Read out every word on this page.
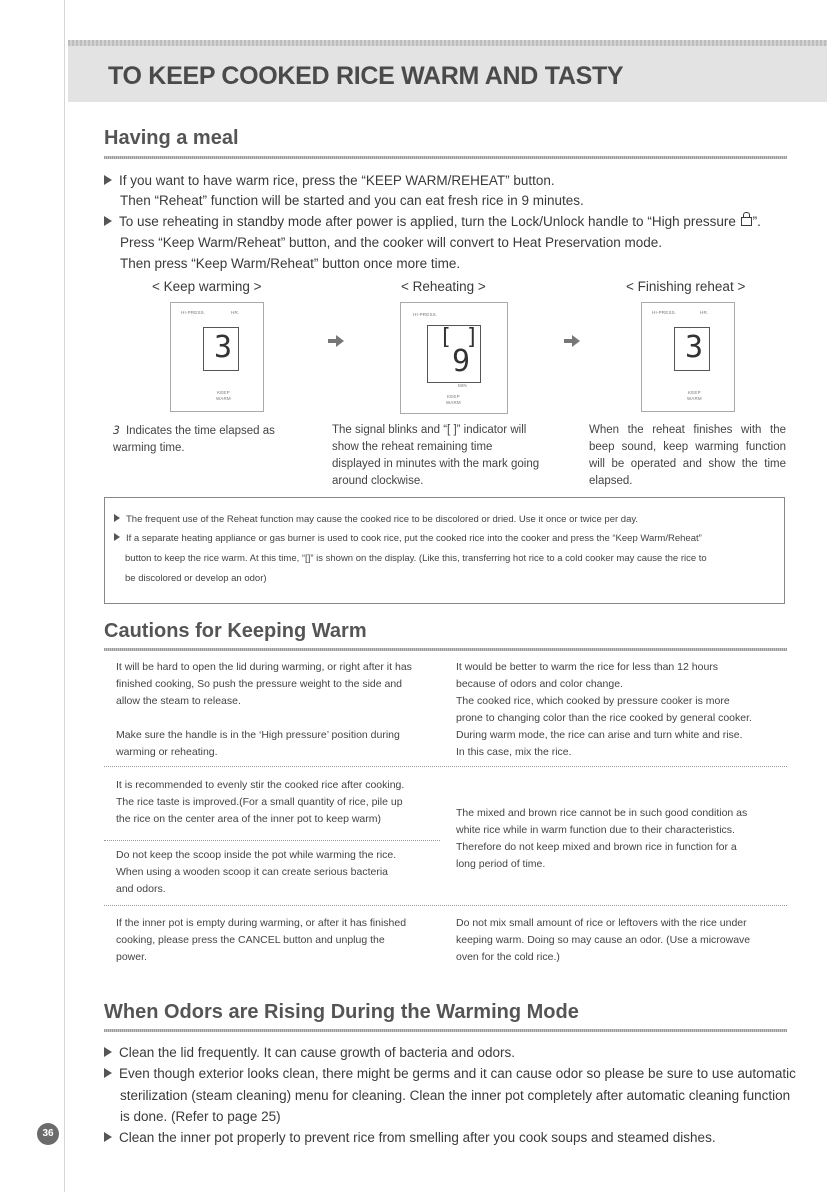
TO KEEP COOKED RICE WARM AND TASTY
Having a meal
If you want to have warm rice, press the “KEEP WARM/REHEAT” button.
Then “Reheat” function will be started and you can eat fresh rice in 9 minutes.
To use reheating in standby mode after power is applied, turn the Lock/Unlock handle to “High pressure ”.
Press “Keep Warm/Reheat” button, and the cooker will convert to Heat Preservation mode.
Then press “Keep Warm/Reheat” button once more time.
< Keep warming >	< Reheating >	< Finishing reheat >
HI-PRESS.	HR.
3
KEEP
WARM
HI-PRESS.
[ ]
9
MIN
KEEP
WARM
HI-PRESS.	HR.
3
KEEP
WARM
3 Indicates the time elapsed as warming time.
The signal blinks and “[ ]” indicator will show the reheat remaining time displayed in minutes with the mark going around clockwise.
When the reheat finishes with the beep sound, keep warming function will be operated and show the time elapsed.
The frequent use of the Reheat function may cause the cooked rice to be discolored or dried. Use it once or twice per day.
If a separate heating appliance or gas burner is used to cook rice, put the cooked rice into the cooker and press the “Keep Warm/Reheat”
button to keep the rice warm. At this time, “[]” is shown on the display. (Like this, transferring hot rice to a cold cooker may cause the rice to
be discolored or develop an odor)
Cautions for Keeping Warm
It will be hard to open the lid during warming, or right after it has
finished cooking, So push the pressure weight to the side and
allow the steam to release.
Make sure the handle is in the ‘High pressure’ position during
warming or reheating.
It is recommended to evenly stir the cooked rice after cooking.
The rice taste is improved.(For a small quantity of rice, pile up
the rice on the center area of the inner pot to keep warm)
Do not keep the scoop inside the pot while warming the rice.
When using a wooden scoop it can create serious bacteria
and odors.
If the inner pot is empty during warming, or after it has finished
cooking, please press the CANCEL button and unplug the
power.
It would be better to warm the rice for less than 12 hours
because of odors and color change.
The cooked rice, which cooked by pressure cooker is more
prone to changing color than the rice cooked by general cooker.
During warm mode, the rice can arise and turn white and rise.
In this case, mix the rice.
The mixed and brown rice cannot be in such good condition as
white rice while in warm function due to their characteristics.
Therefore do not keep mixed and brown rice in function for a
long period of time.
Do not mix small amount of rice or leftovers with the rice under
keeping warm. Doing so may cause an odor. (Use a microwave
oven for the cold rice.)
When Odors are Rising During the Warming Mode
Clean the lid frequently. It can cause growth of bacteria and odors.
Even though exterior looks clean, there might be germs and it can cause odor so please be sure to use automatic
sterilization (steam cleaning) menu for cleaning. Clean the inner pot completely after automatic cleaning function
is done. (Refer to page 25)
Clean the inner pot properly to prevent rice from smelling after you cook soups and steamed dishes.
36
